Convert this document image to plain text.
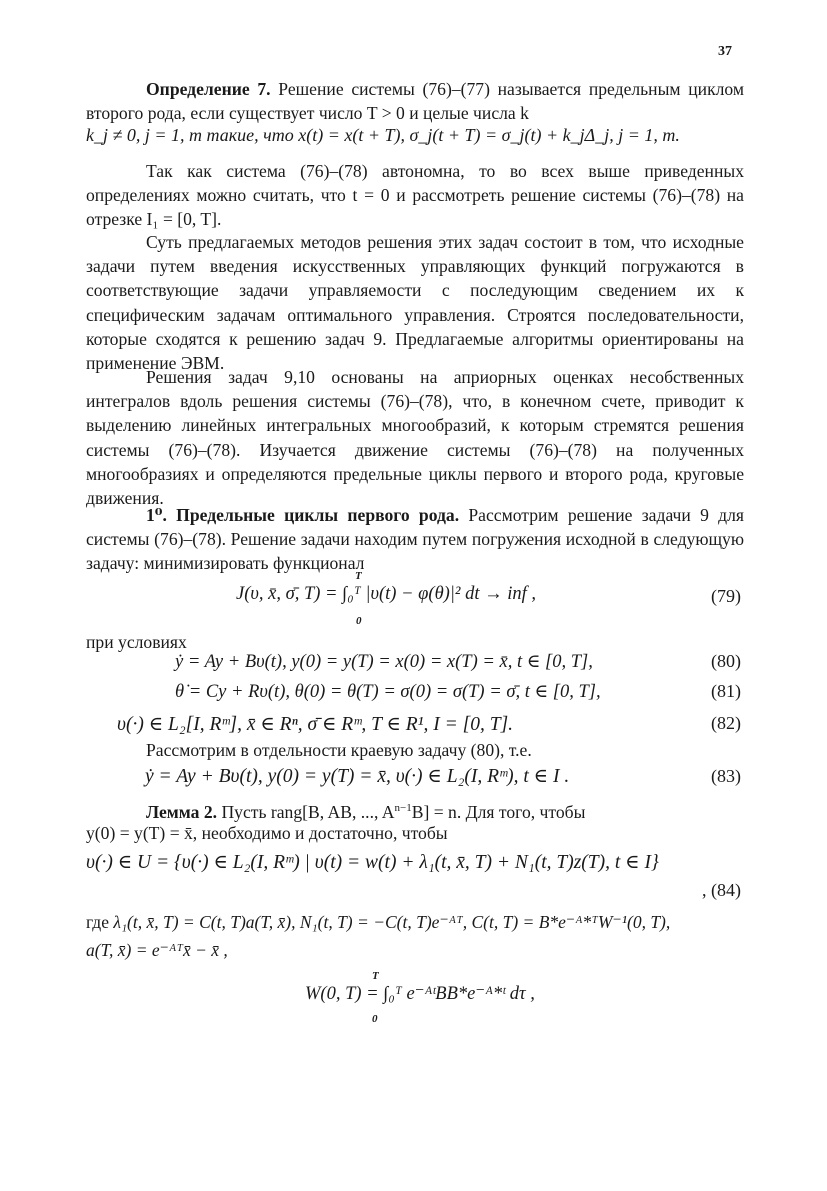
37

Определение 7. Решение системы (76)–(77) называется предельным циклом второго рода, если существует число T > 0 и целые числа k

k_j ≠ 0, j = 1, m такие, что x(t) = x(t + T), σ_j(t + T) = σ_j(t) + k_jΔ_j, j = 1, m.

Так как система (76)–(78) автономна, то во всех выше приведенных определениях можно считать, что t = 0 и рассмотреть решение системы (76)–(78) на отрезке I₁ = [0, T].

Суть предлагаемых методов решения этих задач состоит в том, что исходные задачи путем введения искусственных управляющих функций погружаются в соответствующие задачи управляемости с последующим сведением их к специфическим задачам оптимального управления. Строятся последовательности, которые сходятся к решению задач 9. Предлагаемые алгоритмы ориентированы на применение ЭВМ.

Решения задач 9,10 основаны на априорных оценках несобственных интегралов вдоль решения системы (76)–(78), что, в конечном счете, приводит к выделению линейных интегральных многообразий, к которым стремятся решения системы (76)–(78). Изучается движение системы (76)–(78) на полученных многообразиях и определяются предельные циклы первого и второго рода, круговые движения.

1⁰. Предельные циклы первого рода. Рассмотрим решение задачи 9 для системы (76)–(78). Решение задачи находим путем погружения исходной в следующую задачу: минимизировать функционал

T
J(υ, x̄, σ̄, T) = ∫₀ᵀ |υ(t) − φ(θ)|² dt → inf ,
0
(79)

при условиях

ẏ = Ay + Bυ(t), y(0) = y(T) = x(0) = x(T) = x̄, t ∈ [0, T],	(80)
θ̇ = Cy + Rυ(t), θ(0) = θ(T) = σ(0) = σ(T) = σ̄, t ∈ [0, T],	(81)
υ(·) ∈ L₂[I, Rᵐ], x̄ ∈ Rⁿ, σ̄ ∈ Rᵐ, T ∈ R¹, I = [0, T].	(82)

Рассмотрим в отдельности краевую задачу (80), т.е.

ẏ = Ay + Bυ(t), y(0) = y(T) = x̄, υ(·) ∈ L₂(I, Rᵐ), t ∈ I .	(83)

Лемма 2. Пусть rang[B, AB, ..., $A^{n-1}B] = n$. Для того, чтобы

y(0) = y(T) = x̄, необходимо и достаточно, чтобы

υ(·) ∈ U = {υ(·) ∈ L₂(I, Rᵐ) | υ(t) = w(t) + λ₁(t, x̄, T) + N₁(t, T)z(T), t ∈ I}
, (84)
где λ₁(t, x̄, T) = C(t, T)a(T, x̄), N₁(t, T) = −C(t, T)e⁻ᴬᵀ, C(t, T) = B*e⁻ᴬ*ᵀW⁻¹(0, T),
a(T, x̄) = e⁻ᴬᵀx̄ − x̄ ,
T
W(0, T) = ∫₀ᵀ e⁻ᴬᵗBB*e⁻ᴬ*ᵗ dτ ,
0
